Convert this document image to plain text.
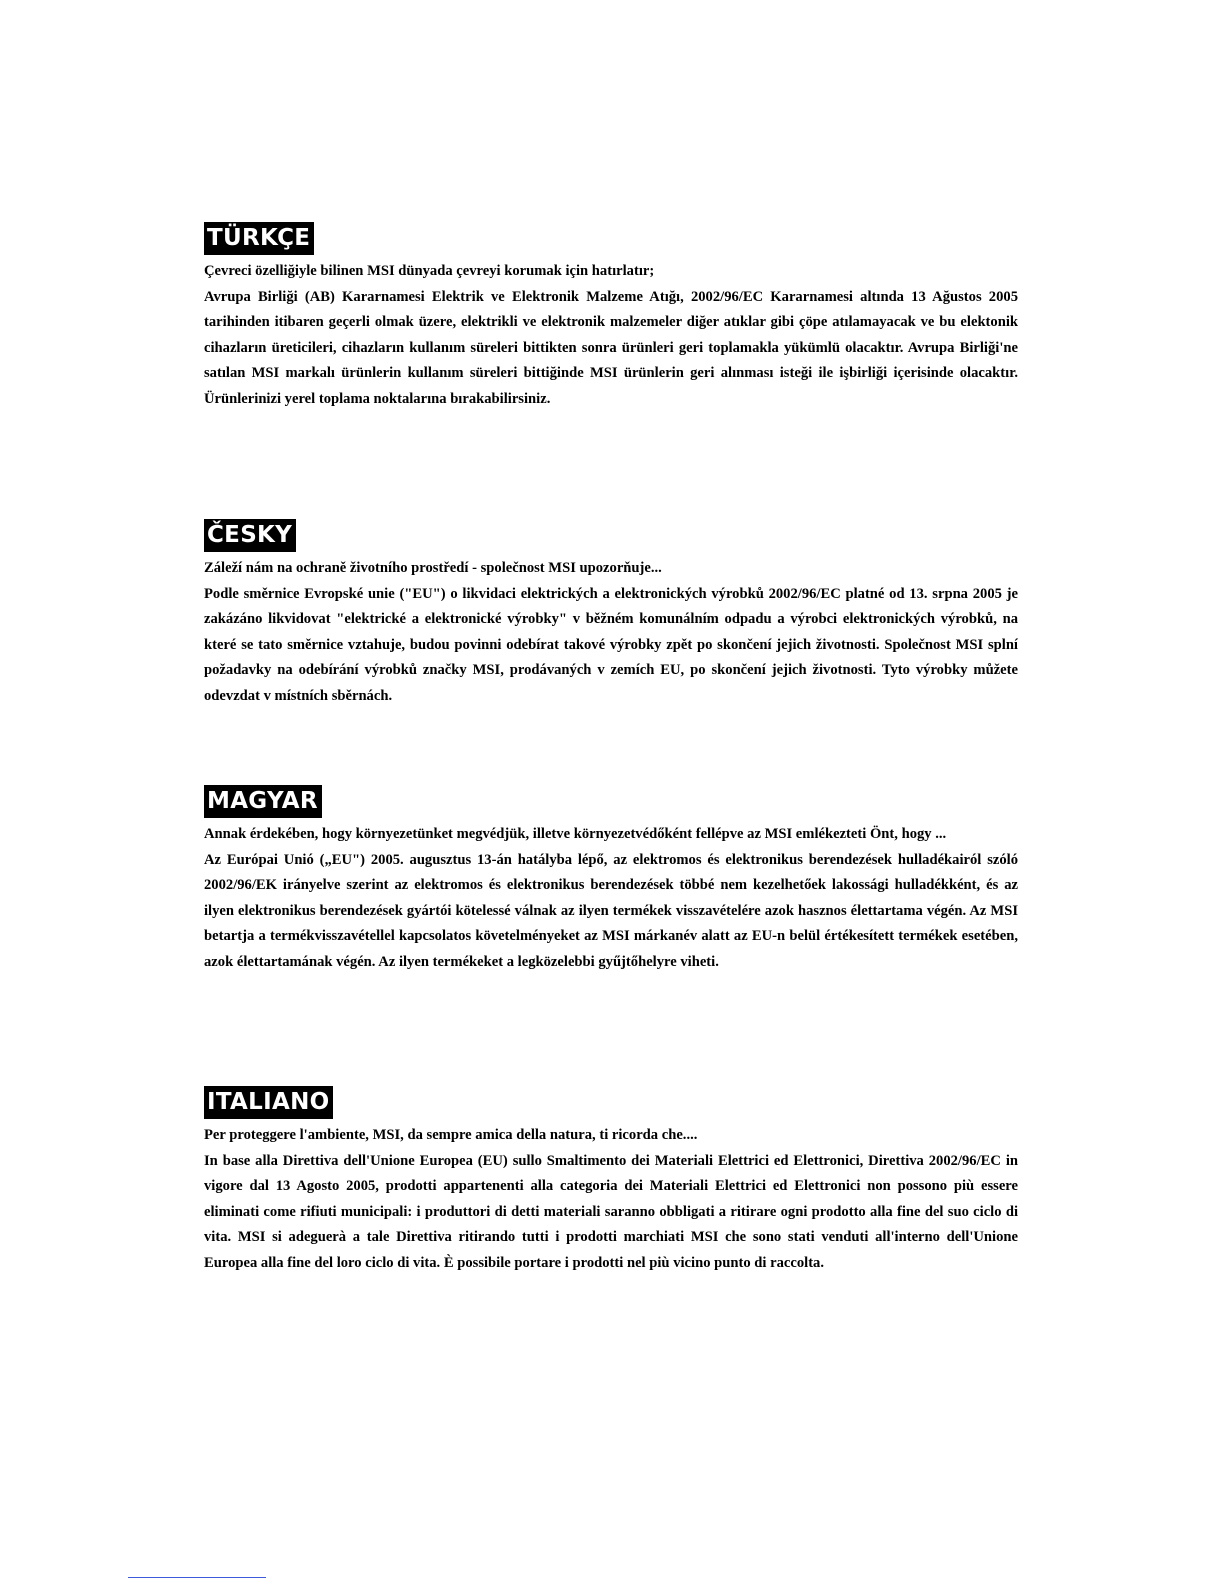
TÜRKÇE

Çevreci özelliğiyle bilinen MSI dünyada çevreyi korumak için hatırlatır;

Avrupa Birliği (AB) Kararnamesi Elektrik ve Elektronik Malzeme Atığı, 2002/96/EC Kararnamesi altında 13 Ağustos 2005 tarihinden itibaren geçerli olmak üzere, elektrikli ve elektronik malzemeler diğer atıklar gibi çöpe atılamayacak ve bu elektonik cihazların üreticileri, cihazların kullanım süreleri bittikten sonra ürünleri geri toplamakla yükümlü olacaktır. Avrupa Birliği'ne satılan MSI markalı ürünlerin kullanım süreleri bittiğinde MSI ürünlerin geri alınması isteği ile işbirliği içerisinde olacaktır. Ürünlerinizi yerel toplama noktalarına bırakabilirsiniz.

ČESKY

Záleží nám na ochraně životního prostředí - společnost MSI upozorňuje...

Podle směrnice Evropské unie ("EU") o likvidaci elektrických a elektronických výrobků 2002/96/EC platné od 13. srpna 2005 je zakázáno likvidovat "elektrické a elektronické výrobky" v běžném komunálním odpadu a výrobci elektronických výrobků, na které se tato směrnice vztahuje, budou povinni odebírat takové výrobky zpět po skončení jejich životnosti. Společnost MSI splní požadavky na odebírání výrobků značky MSI, prodávaných v zemích EU, po skončení jejich životnosti. Tyto výrobky můžete odevzdat v místních sběrnách.

MAGYAR

Annak érdekében, hogy környezetünket megvédjük, illetve környezetvédőként fellépve az MSI emlékezteti Önt, hogy ...

Az Európai Unió („EU") 2005. augusztus 13-án hatályba lépő, az elektromos és elektronikus berendezések hulladékairól szóló 2002/96/EK irányelve szerint az elektromos és elektronikus berendezések többé nem kezelhetőek lakossági hulladékként, és az ilyen elektronikus berendezések gyártói kötelessé válnak az ilyen termékek visszavételére azok hasznos élettartama végén. Az MSI betartja a termékvisszavétellel kapcsolatos követelményeket az MSI márkanév alatt az EU-n belül értékesített termékek esetében, azok élettartamának végén. Az ilyen termékeket a legközelebbi gyűjtőhelyre viheti.

ITALIANO

Per proteggere l'ambiente, MSI, da sempre amica della natura, ti ricorda che....

In base alla Direttiva dell'Unione Europea (EU) sullo Smaltimento dei Materiali Elettrici ed Elettronici, Direttiva 2002/96/EC in vigore dal 13 Agosto 2005, prodotti appartenenti alla categoria dei Materiali Elettrici ed Elettronici non possono più essere eliminati come rifiuti municipali: i produttori di detti materiali saranno obbligati a ritirare ogni prodotto alla fine del suo ciclo di vita. MSI si adeguerà a tale Direttiva ritirando tutti i prodotti marchiati MSI che sono stati venduti all'interno dell'Unione Europea alla fine del loro ciclo di vita. È possibile portare i prodotti nel più vicino punto di raccolta.
